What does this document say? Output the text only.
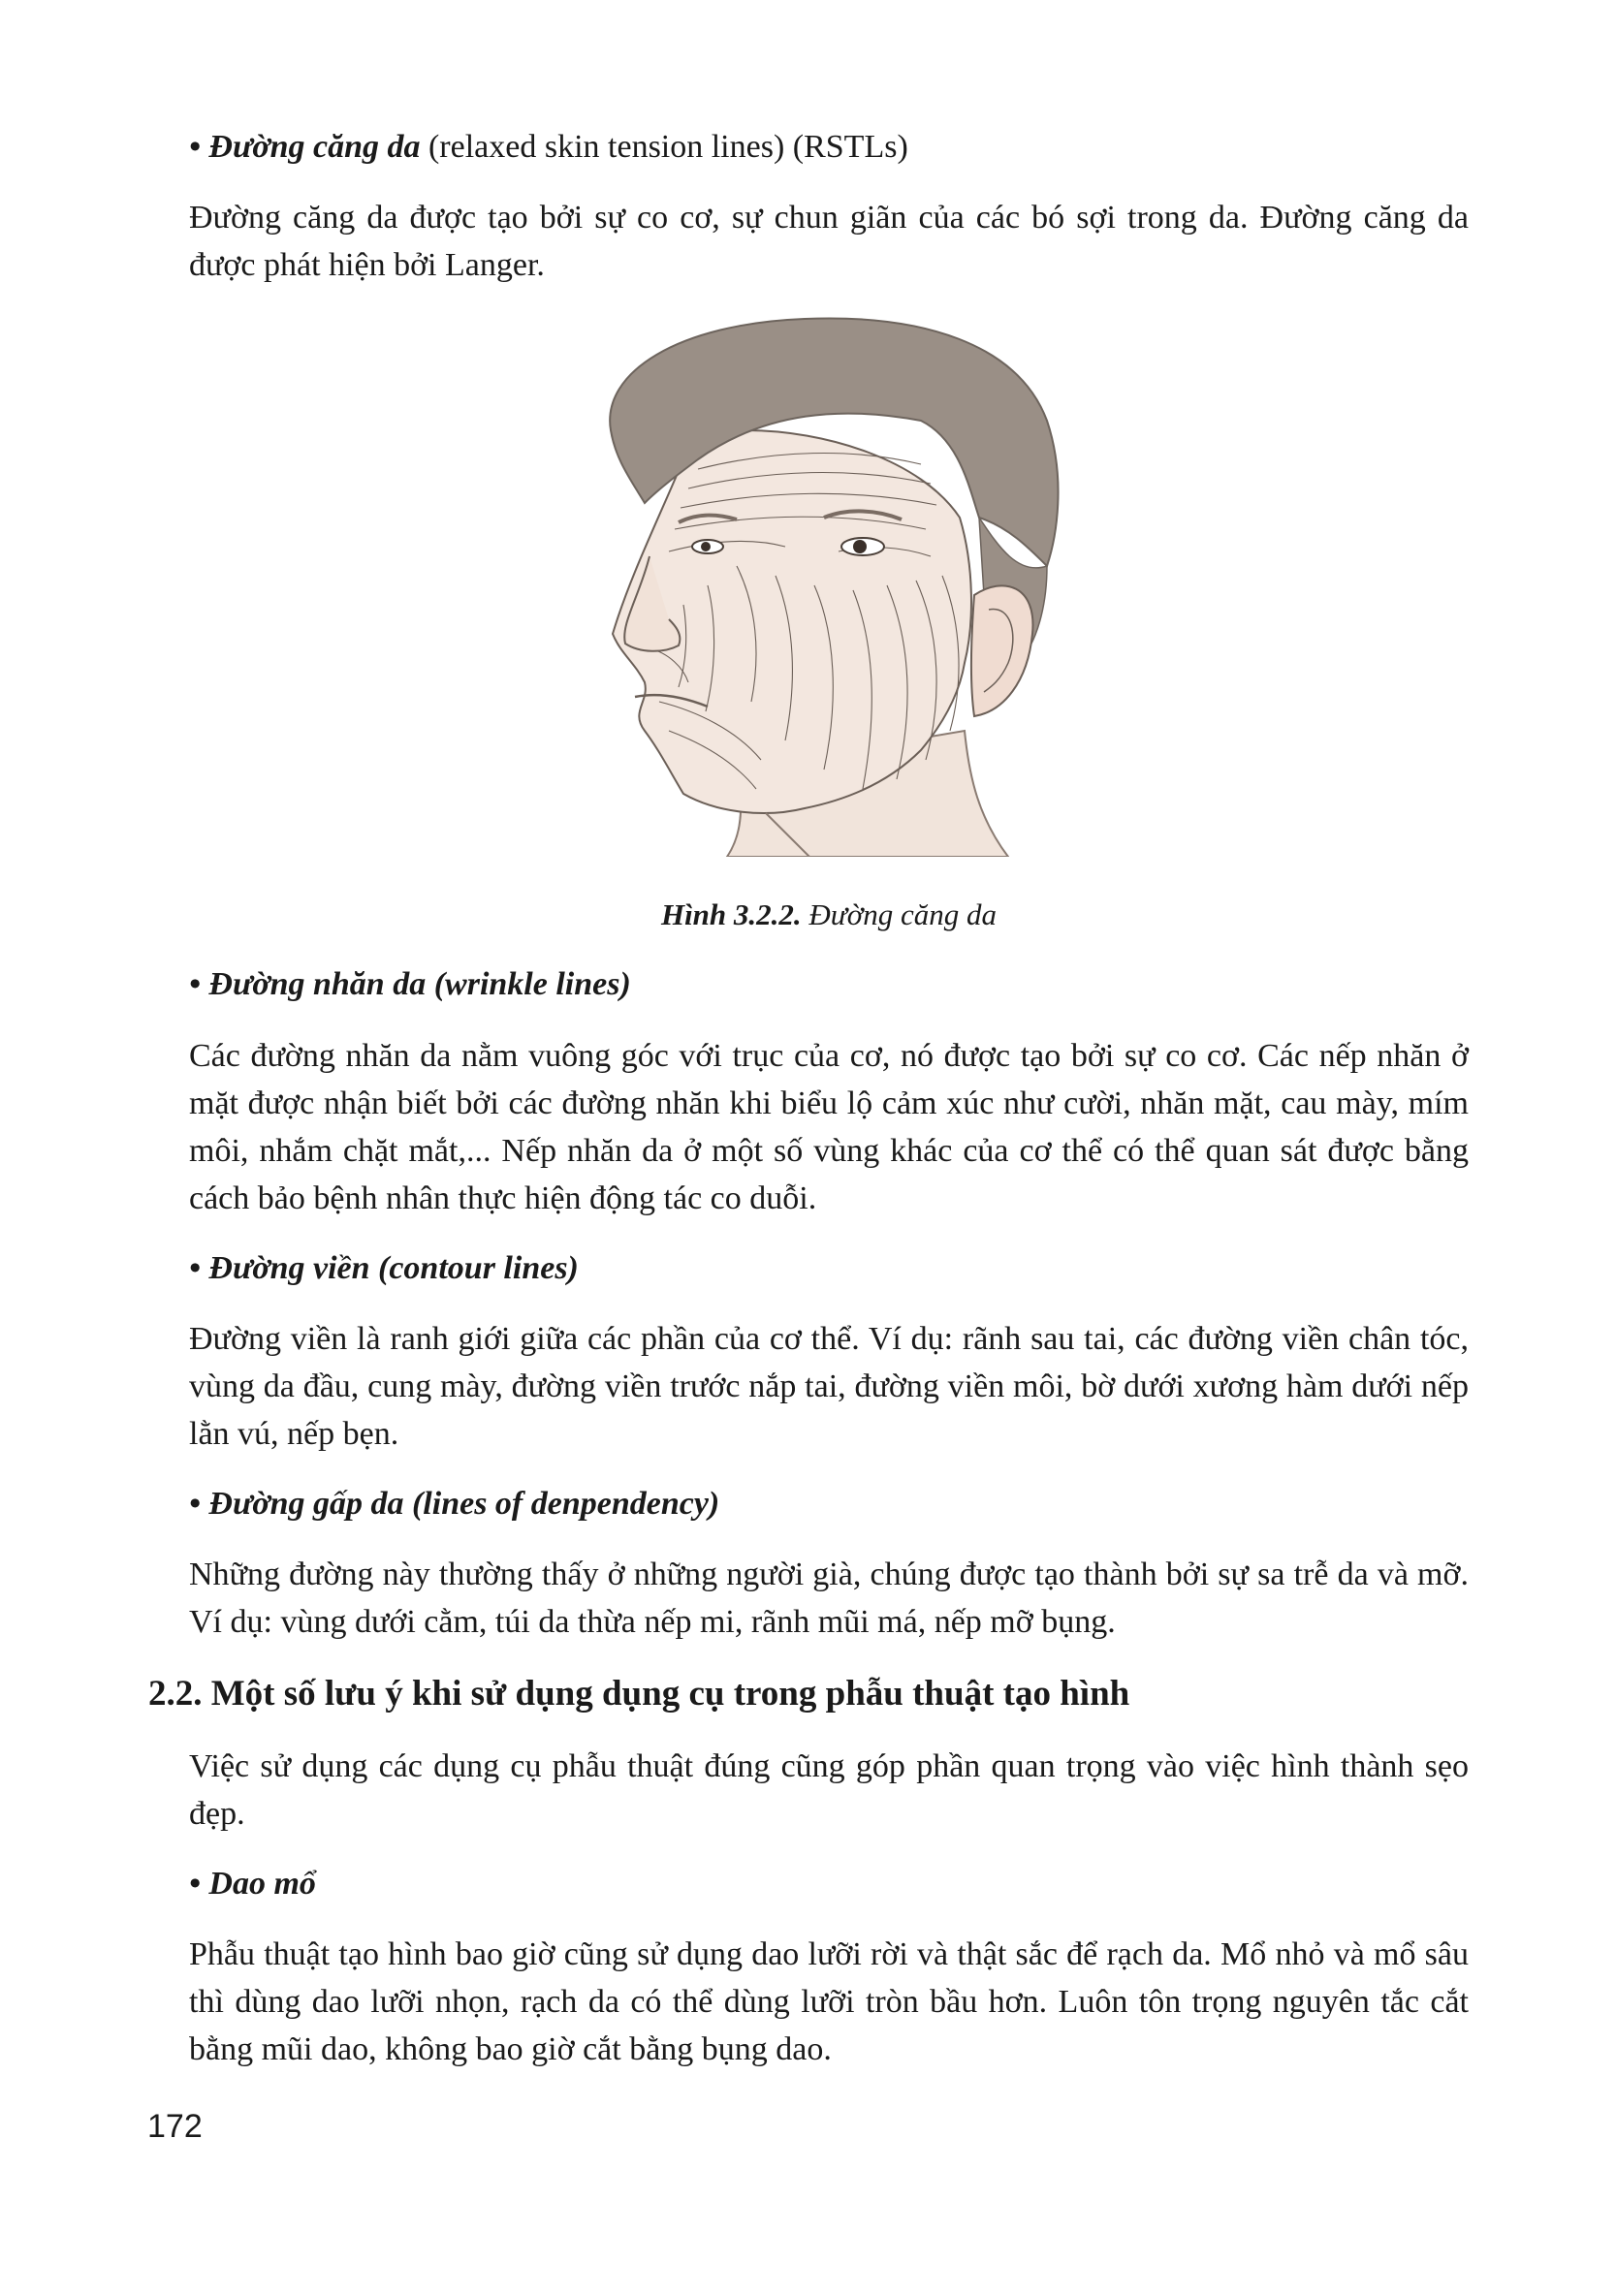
• Đường căng da (relaxed skin tension lines) (RSTLs)

Đường căng da được tạo bởi sự co cơ, sự chun giãn của các bó sợi trong da. Đường căng da được phát hiện bởi Langer.

Hình 3.2.2. Đường căng da
• Đường nhăn da (wrinkle lines)

Các đường nhăn da nằm vuông góc với trục của cơ, nó được tạo bởi sự co cơ. Các nếp nhăn ở mặt được nhận biết bởi các đường nhăn khi biểu lộ cảm xúc như cười, nhăn mặt, cau mày, mím môi, nhắm chặt mắt,... Nếp nhăn da ở một số vùng khác của cơ thể có thể quan sát được bằng cách bảo bệnh nhân thực hiện động tác co duỗi.

• Đường viền (contour lines)

Đường viền là ranh giới giữa các phần của cơ thể. Ví dụ: rãnh sau tai, các đường viền chân tóc, vùng da đầu, cung mày, đường viền trước nắp tai, đường viền môi, bờ dưới xương hàm dưới nếp lằn vú, nếp bẹn.

• Đường gấp da (lines of denpendency)

Những đường này thường thấy ở những người già, chúng được tạo thành bởi sự sa trễ da và mỡ. Ví dụ: vùng dưới cằm, túi da thừa nếp mi, rãnh mũi má, nếp mỡ bụng.

2.2. Một số lưu ý khi sử dụng dụng cụ trong phẫu thuật tạo hình

Việc sử dụng các dụng cụ phẫu thuật đúng cũng góp phần quan trọng vào việc hình thành sẹo đẹp.

• Dao mổ

Phẫu thuật tạo hình bao giờ cũng sử dụng dao lưỡi rời và thật sắc để rạch da. Mổ nhỏ và mổ sâu thì dùng dao lưỡi nhọn, rạch da có thể dùng lưỡi tròn bầu hơn. Luôn tôn trọng nguyên tắc cắt bằng mũi dao, không bao giờ cắt bằng bụng dao.

172
